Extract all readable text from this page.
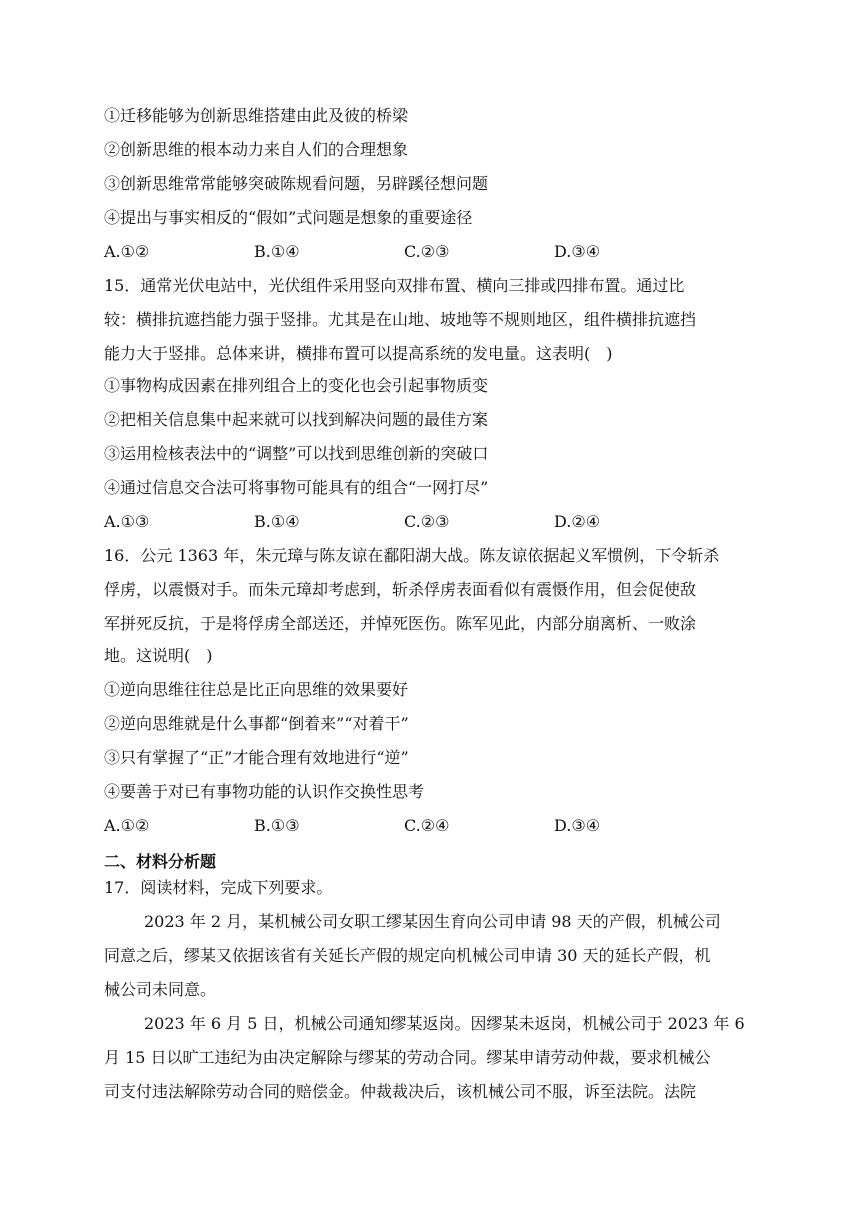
①迁移能够为创新思维搭建由此及彼的桥梁
②创新思维的根本动力来自人们的合理想象
③创新思维常常能够突破陈规看问题，另辟蹊径想问题
④提出与事实相反的“假如”式问题是想象的重要途径
A.①②	B.①④	C.②③	D.③④
15．通常光伏电站中，光伏组件采用竖向双排布置、横向三排或四排布置。通过比
较：横排抗遮挡能力强于竖排。尤其是在山地、坡地等不规则地区，组件横排抗遮挡
能力大于竖排。总体来讲，横排布置可以提高系统的发电量。这表明(　)
①事物构成因素在排列组合上的变化也会引起事物质变
②把相关信息集中起来就可以找到解决问题的最佳方案
③运用检核表法中的“调整”可以找到思维创新的突破口
④通过信息交合法可将事物可能具有的组合“一网打尽”
A.①③	B.①④	C.②③	D.②④
16．公元 1363 年，朱元璋与陈友谅在鄱阳湖大战。陈友谅依据起义军惯例，下令斩杀
俘虏，以震慑对手。而朱元璋却考虑到，斩杀俘虏表面看似有震慑作用，但会促使敌
军拼死反抗，于是将俘虏全部送还，并悼死医伤。陈军见此，内部分崩离析、一败涂
地。这说明(　)
①逆向思维往往总是比正向思维的效果要好
②逆向思维就是什么事都“倒着来”“对着干”
③只有掌握了“正”才能合理有效地进行“逆”
④要善于对已有事物功能的认识作交换性思考
A.①②	B.①③	C.②④	D.③④
二、材料分析题
17．阅读材料，完成下列要求。
2023 年 2 月，某机械公司女职工缪某因生育向公司申请 98 天的产假，机械公司
同意之后，缪某又依据该省有关延长产假的规定向机械公司申请 30 天的延长产假，机
械公司未同意。
2023 年 6 月 5 日，机械公司通知缪某返岗。因缪某未返岗，机械公司于 2023 年 6
月 15 日以旷工违纪为由决定解除与缪某的劳动合同。缪某申请劳动仲裁，要求机械公
司支付违法解除劳动合同的赔偿金。仲裁裁决后，该机械公司不服，诉至法院。法院
